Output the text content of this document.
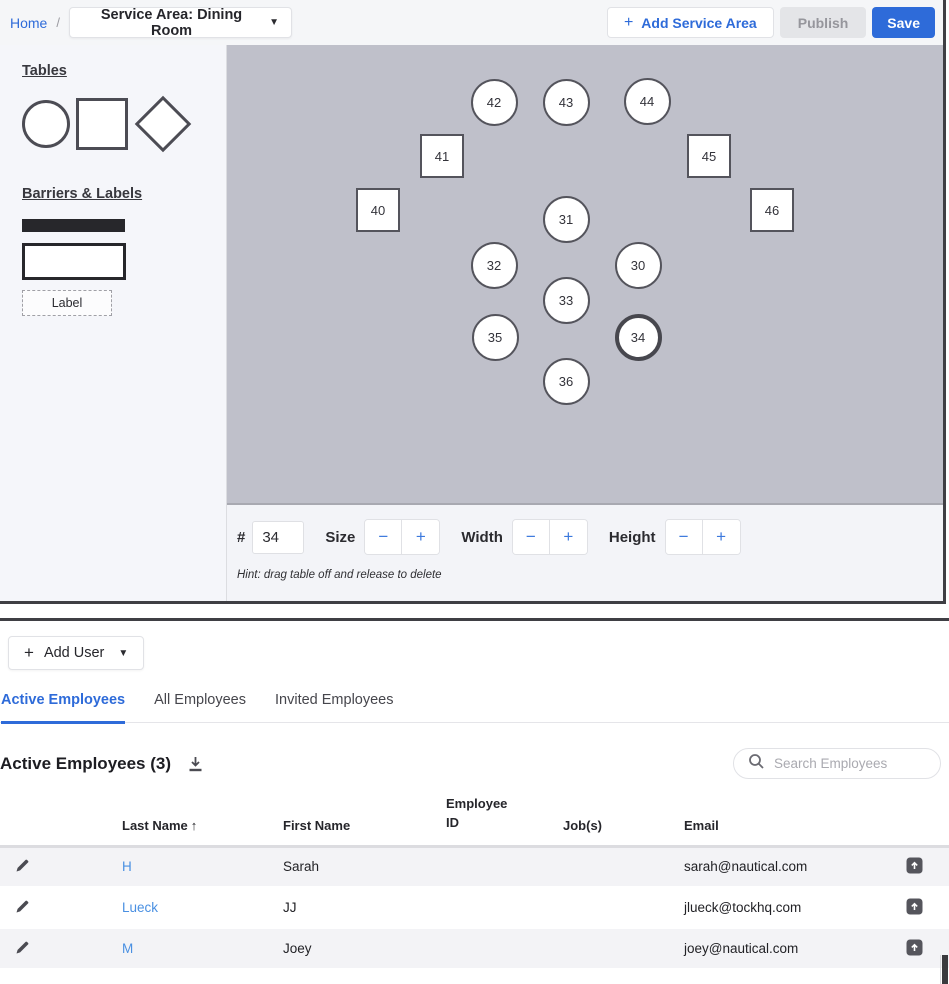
Home /	Service Area: Dining Room	▼	+ Add Service Area	Publish	Save
Tables
Barriers & Labels
Label
42	43	44
41	45
40	46
31
32	30
33
35	34
36
#
34	Size	−	+	Width	−	+	Height	−	+
Hint: drag table off and release to delete
+ Add User ▼
Active Employees All Employees Invited Employees
Active Employees (3)
Search Employees
	Last Name ↑	First Name	Employee ID	Job(s)	Email	

	H	Sarah			sarah@nautical.com	

	Lueck	JJ			jlueck@tockhq.com	

	M	Joey			joey@nautical.com	
